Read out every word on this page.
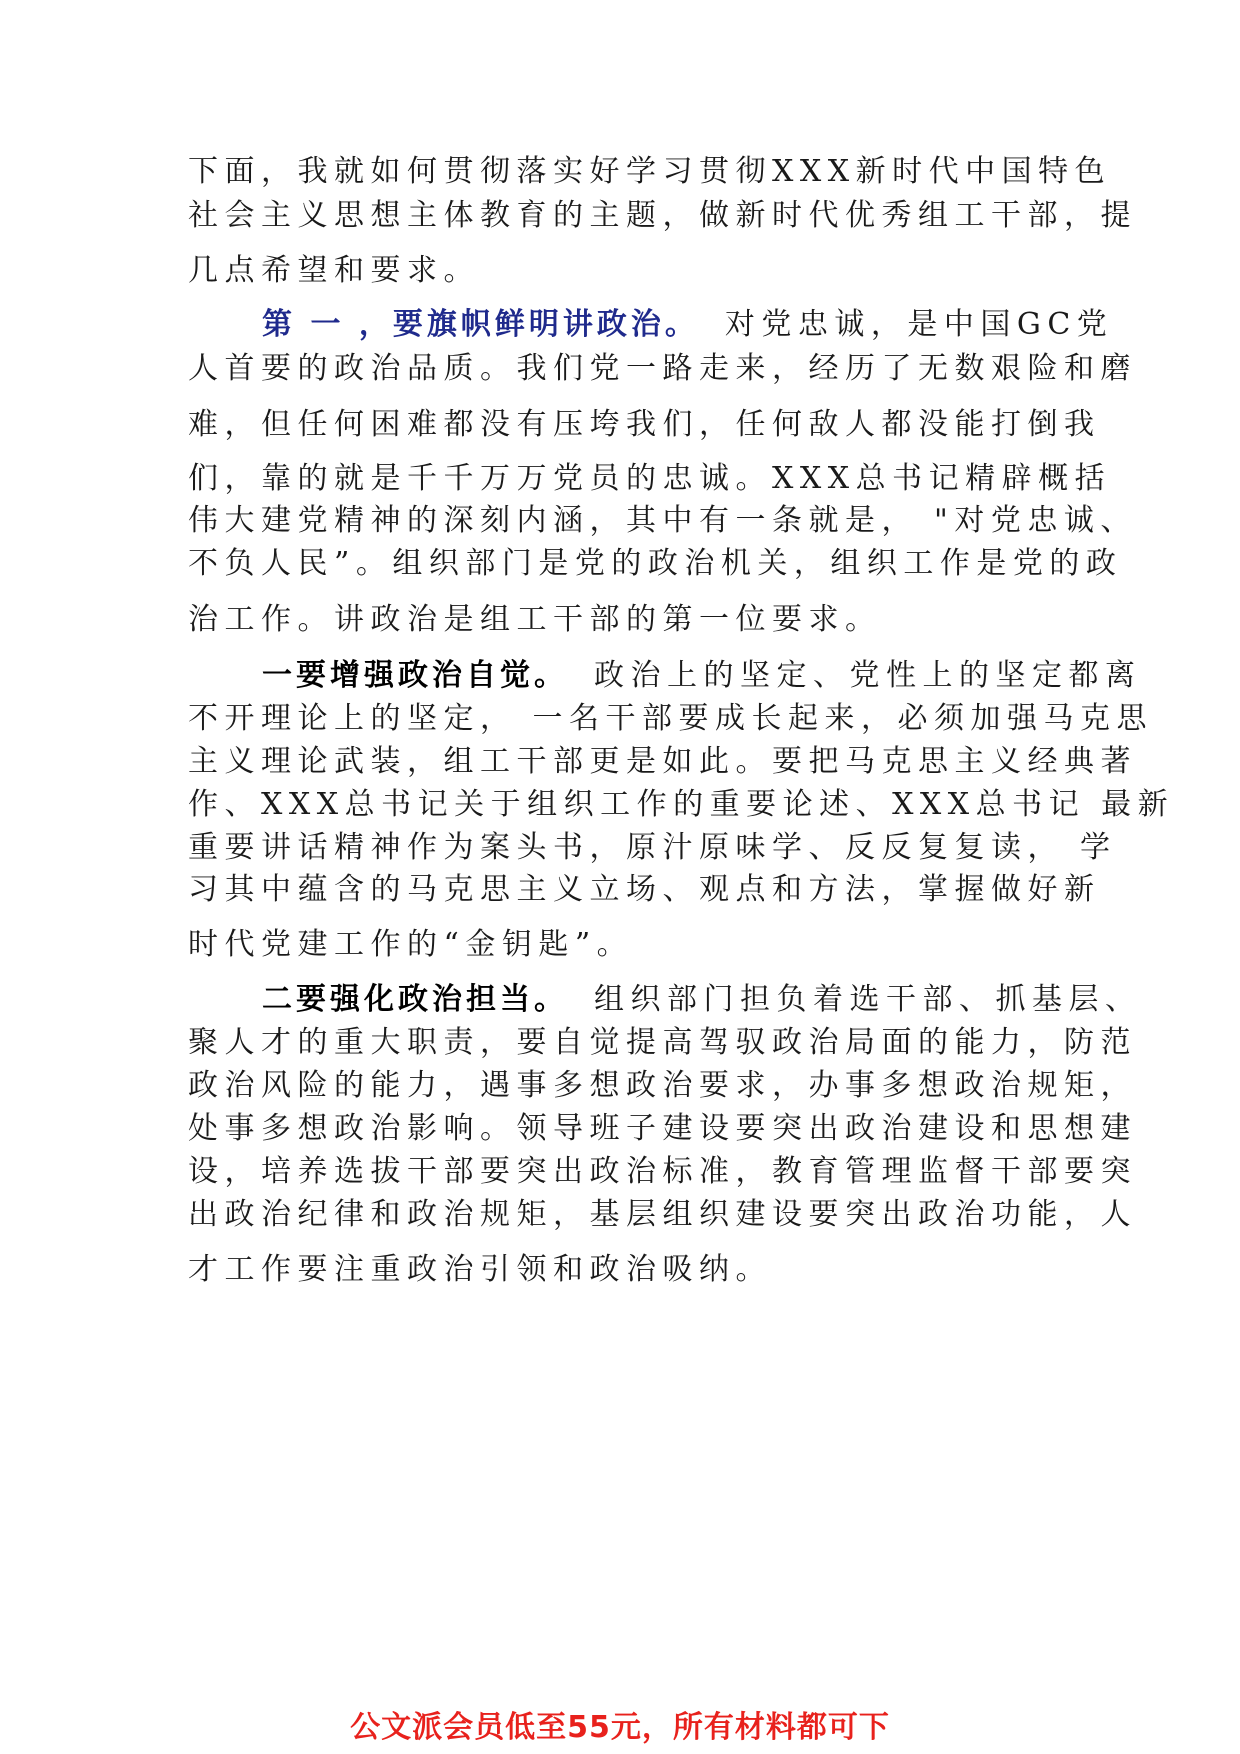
下面，我就如何贯彻落实好学习贯彻XXX新时代中国特色
社会主义思想主体教育的主题，做新时代优秀组工干部，提
几点希望和要求。
第 一 ，要旗帜鲜明讲政治。 对党忠诚，是中国GC党
人首要的政治品质。我们党一路走来，经历了无数艰险和磨
难，但任何困难都没有压垮我们，任何敌人都没能打倒我
们，靠的就是千千万万党员的忠诚。XXX总书记精辟概括
伟大建党精神的深刻内涵，其中有一条就是， "对党忠诚、
不负人民”。组织部门是党的政治机关，组织工作是党的政
治工作。讲政治是组工干部的第一位要求。
一要增强政治自觉。 政治上的坚定、党性上的坚定都离
不开理论上的坚定， 一名干部要成长起来，必须加强马克思
主义理论武装，组工干部更是如此。要把马克思主义经典著
作、XXX总书记关于组织工作的重要论述、XXX总书记 最新
重要讲话精神作为案头书，原汁原味学、反反复复读， 学
习其中蕴含的马克思主义立场、观点和方法，掌握做好新
时代党建工作的“金钥匙”。
二要强化政治担当。 组织部门担负着选干部、抓基层、
聚人才的重大职责，要自觉提高驾驭政治局面的能力，防范
政治风险的能力，遇事多想政治要求，办事多想政治规矩，
处事多想政治影响。领导班子建设要突出政治建设和思想建
设，培养选拔干部要突出政治标准，教育管理监督干部要突
出政治纪律和政治规矩，基层组织建设要突出政治功能，人
才工作要注重政治引领和政治吸纳。
公文派会员低至55元，所有材料都可下
